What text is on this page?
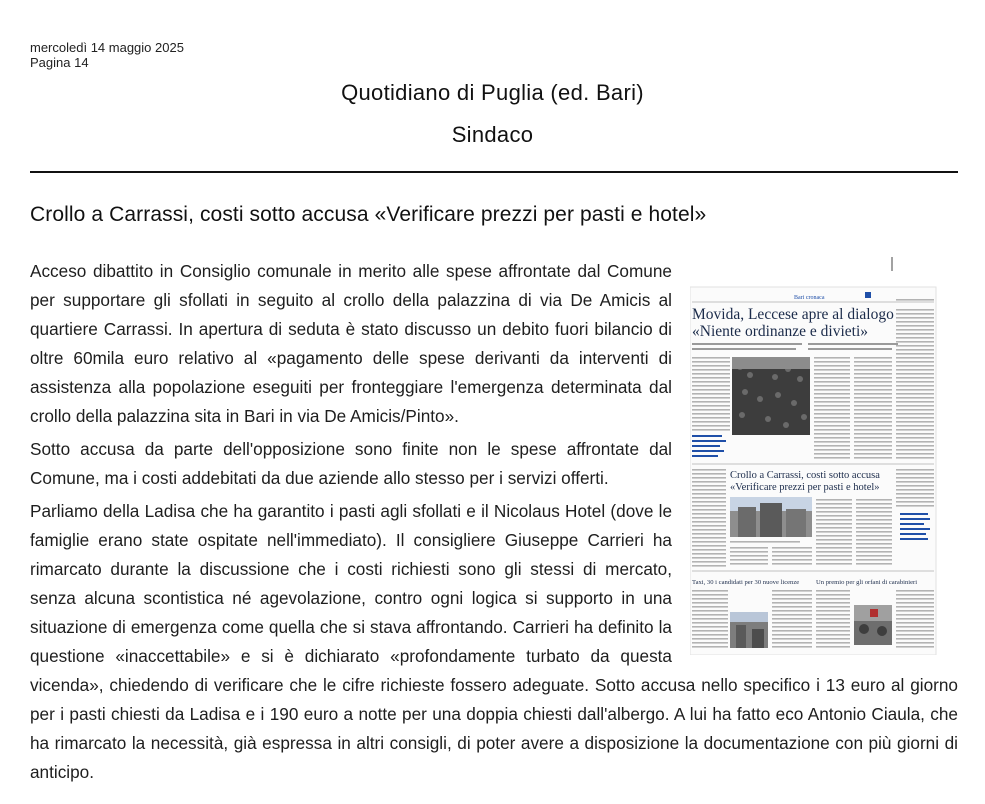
mercoledì 14 maggio 2025
Pagina 14
Quotidiano di Puglia (ed. Bari)
Sindaco
Crollo a Carrassi, costi sotto accusa «Verificare prezzi per pasti e hotel»
Bari cronaca
Movida, Leccese apre al dialogo
«Niente ordinanze e divieti»
Crollo a Carrassi, costi sotto accusa
«Verificare prezzi per pasti e hotel»
Taxi, 30 i candidati per 30 nuove licenze	Un premio per gli orfani di carabinieri

Acceso dibattito in Consiglio comunale in merito alle spese affrontate dal Comune per supportare gli sfollati in seguito al crollo della palazzina di via De Amicis al quartiere Carrassi. In apertura di seduta è stato discusso un debito fuori bilancio di oltre 60mila euro relativo al «pagamento delle spese derivanti da interventi di assistenza alla popolazione eseguiti per fronteggiare l'emergenza determinata dal crollo della palazzina sita in Bari in via De Amicis/Pinto».

Sotto accusa da parte dell'opposizione sono finite non le spese affrontate dal Comune, ma i costi addebitati da due aziende allo stesso per i servizi offerti.

Parliamo della Ladisa che ha garantito i pasti agli sfollati e il Nicolaus Hotel (dove le famiglie erano state ospitate nell'immediato). Il consigliere Giuseppe Carrieri ha rimarcato durante la discussione che i costi richiesti sono gli stessi di mercato, senza alcuna scontistica né agevolazione, contro ogni logica si supporto in una situazione di emergenza come quella che si stava affrontando. Carrieri ha definito la questione «inaccettabile» e si è dichiarato «profondamente turbato da questa vicenda», chiedendo di verificare che le cifre richieste fossero adeguate. Sotto accusa nello specifico i 13 euro al giorno per i pasti chiesti da Ladisa e i 190 euro a notte per una doppia chiesti dall'albergo. A lui ha fatto eco Antonio Ciaula, che ha rimarcato la necessità, già espressa in altri consigli, di poter avere a disposizione la documentazione con più giorni di anticipo.
